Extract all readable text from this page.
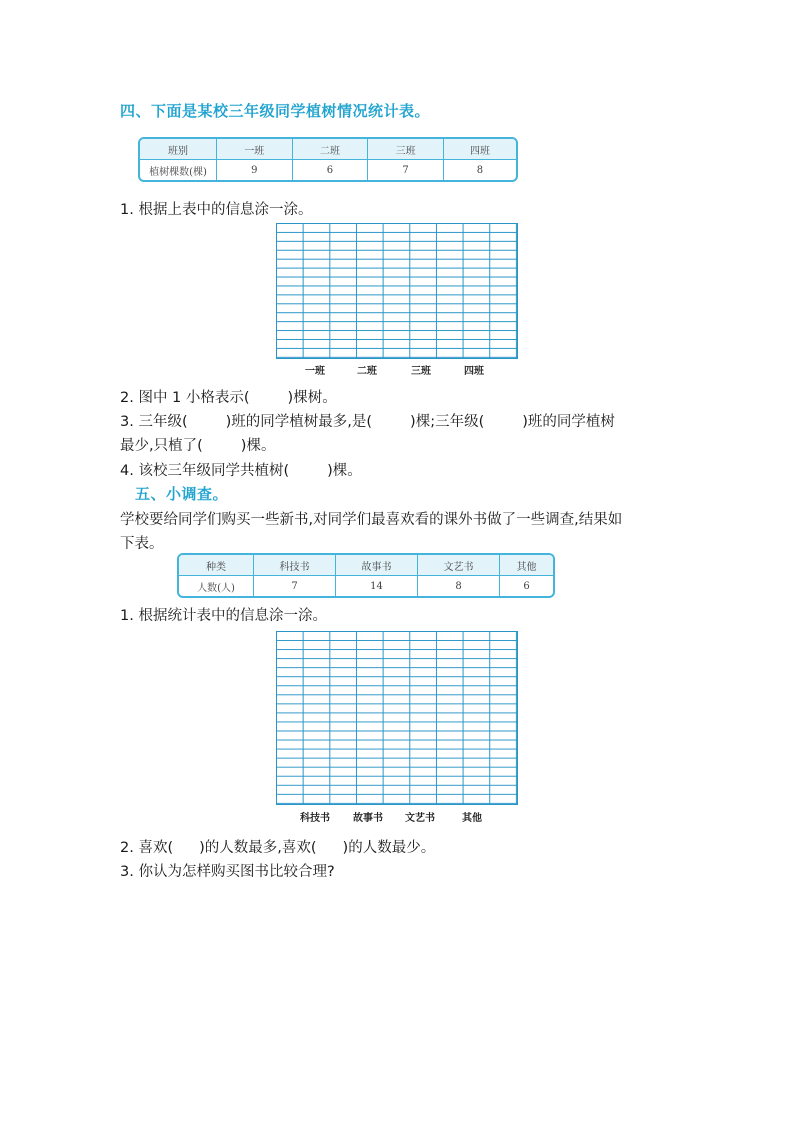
四、下面是某校三年级同学植树情况统计表。
班别	一班	二班	三班	四班
植树棵数(棵)	9	6	7	8
1. 根据上表中的信息涂一涂。
一班	二班	三班	四班
2. 图中 1 小格表示(	)棵树。
3. 三年级(	)班的同学植树最多,是(	)棵;三年级(	)班的同学植树
最少,只植了(	)棵。
4. 该校三年级同学共植树(	)棵。
五、小调查。
学校要给同学们购买一些新书,对同学们最喜欢看的课外书做了一些调查,结果如
下表。
种类	科技书	故事书	文艺书	其他
人数(人)	7	14	8	6
1. 根据统计表中的信息涂一涂。
科技书 故事书 文艺书	其他
2. 喜欢( )的人数最多,喜欢( )的人数最少。
3. 你认为怎样购买图书比较合理?
